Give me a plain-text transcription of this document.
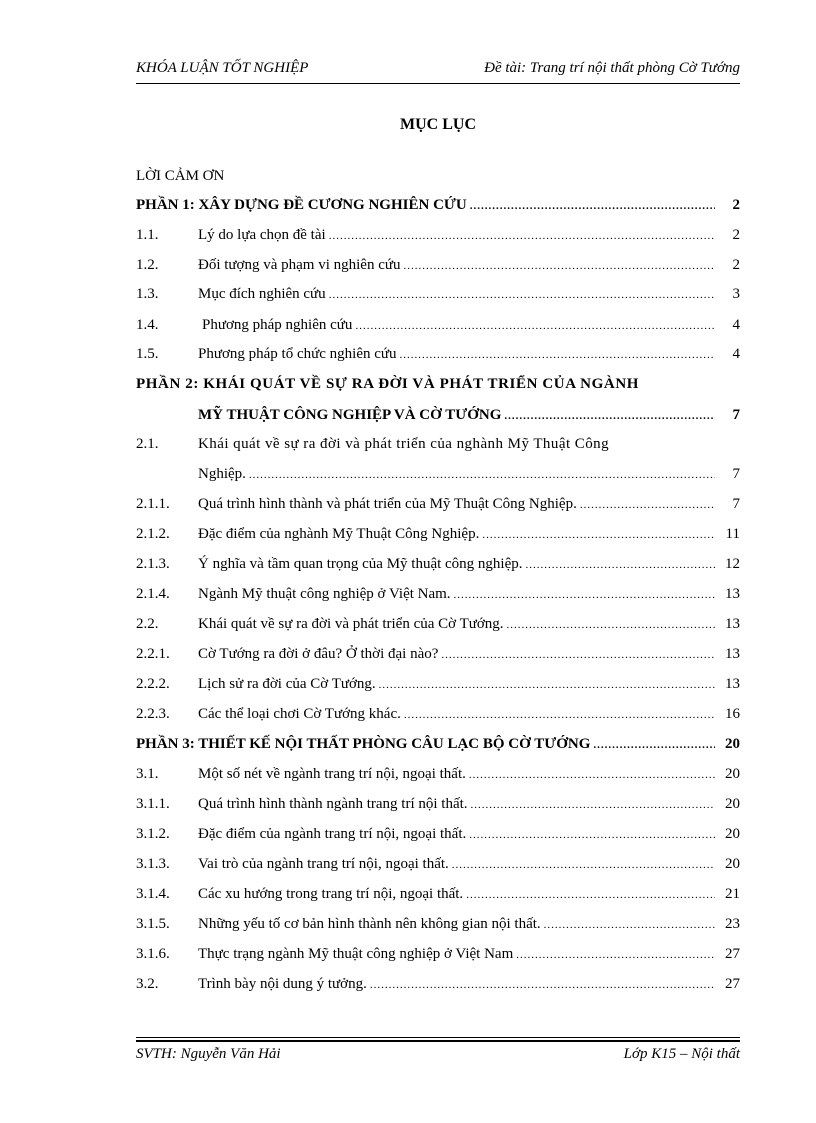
KHÓA LUẬN TỐT NGHIỆP	Đề tài: Trang trí nội thất phòng Cờ Tướng
MỤC LỤC
LỜI CẢM ƠN
PHẦN 1: XÂY DỰNG ĐỀ CƯƠNG NGHIÊN CỨU .....	2
1.1.	Lý do lựa chọn đề tài .....	2
1.2.	Đối tượng và phạm vi nghiên cứu .....	2
1.3.	Mục đích nghiên cứu .....	3
1.4.	Phương pháp nghiên cứu .....	4
1.5.	Phương pháp tổ chức nghiên cứu .....	4
PHẦN 2: KHÁI QUÁT VỀ SỰ RA ĐỜI VÀ PHÁT TRIỂN CỦA NGÀNH
MỸ THUẬT CÔNG NGHIỆP VÀ CỜ TƯỚNG .....	7
2.1.	Khái quát về sự ra đời và phát triển của nghành Mỹ Thuật Công
Nghiệp. .....	7
2.1.1. Quá trình hình thành và phát triển của Mỹ Thuật Công Nghiệp. .....	7
2.1.2. Đặc điểm của nghành Mỹ Thuật Công Nghiệp. .....	11
2.1.3. Ý nghĩa và tầm quan trọng của Mỹ thuật công nghiệp. .....	12
2.1.4. Ngành Mỹ thuật công nghiệp ở Việt Nam. .....	13
2.2.	Khái quát về sự ra đời và phát triển của Cờ Tướng. .....	13
2.2.1. Cờ Tướng ra đời ở đâu? Ở thời đại nào? .....	13
2.2.2. Lịch sử ra đời của Cờ Tướng. .....	13
2.2.3. Các thể loại chơi Cờ Tướng khác. .....	16
PHẦN 3: THIẾT KẾ NỘI THẤT PHÒNG CÂU LẠC BỘ CỜ TƯỚNG .....	20
3.1.	Một số nét về ngành trang trí nội, ngoại thất. .....	20
3.1.1. Quá trình hình thành ngành trang trí nội thất. .....	20
3.1.2. Đặc điểm của ngành trang trí nội, ngoại thất. .....	20
3.1.3. Vai trò của ngành trang trí nội, ngoại thất. .....	20
3.1.4. Các xu hướng trong trang trí nội, ngoại thất. .....	21
3.1.5. Những yếu tố cơ bản hình thành nên không gian nội thất. .....	23
3.1.6. Thực trạng ngành Mỹ thuật công nghiệp ở Việt Nam .....	27
3.2.	Trình bày nội dung ý tưởng. .....	27
SVTH: Nguyễn Văn Hải	Lớp K15 – Nội thất
